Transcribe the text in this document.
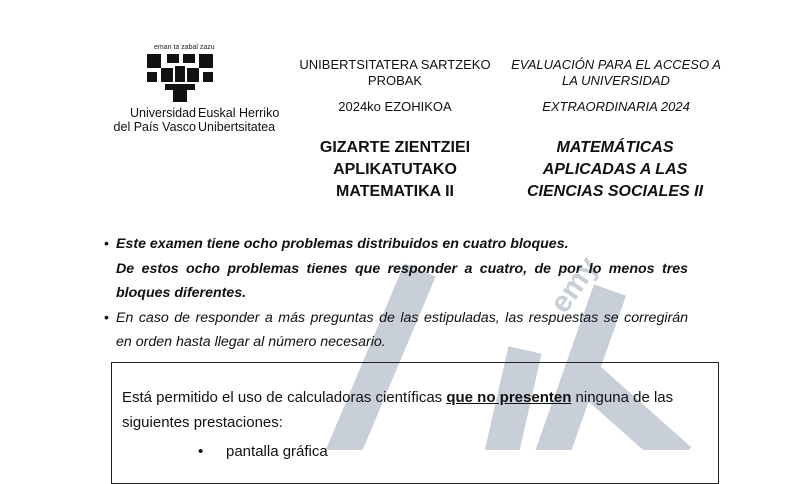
eman ta zabal zazu
Universidad
del País Vasco
Euskal Herriko
Unibertsitatea
UNIBERTSITATERA SARTZEKO
PROBAK
2024ko EZOHIKOA
EVALUACIÓN PARA EL ACCESO A
LA UNIVERSIDAD
EXTRAORDINARIA 2024
GIZARTE ZIENTZIEI
APLIKATUTAKO
MATEMATIKA II
MATEMÁTICAS
APLICADAS A LAS
CIENCIAS SOCIALES II
emy
• Este examen tiene ocho problemas distribuidos en cuatro bloques.
De estos ocho problemas tienes que responder a cuatro, de por lo menos tres
bloques diferentes.
• En caso de responder a más preguntas de las estipuladas, las respuestas se corregirán
en orden hasta llegar al número necesario.
Está permitido el uso de calculadoras científicas que no presenten ninguna de las siguientes prestaciones:
• pantalla gráfica
